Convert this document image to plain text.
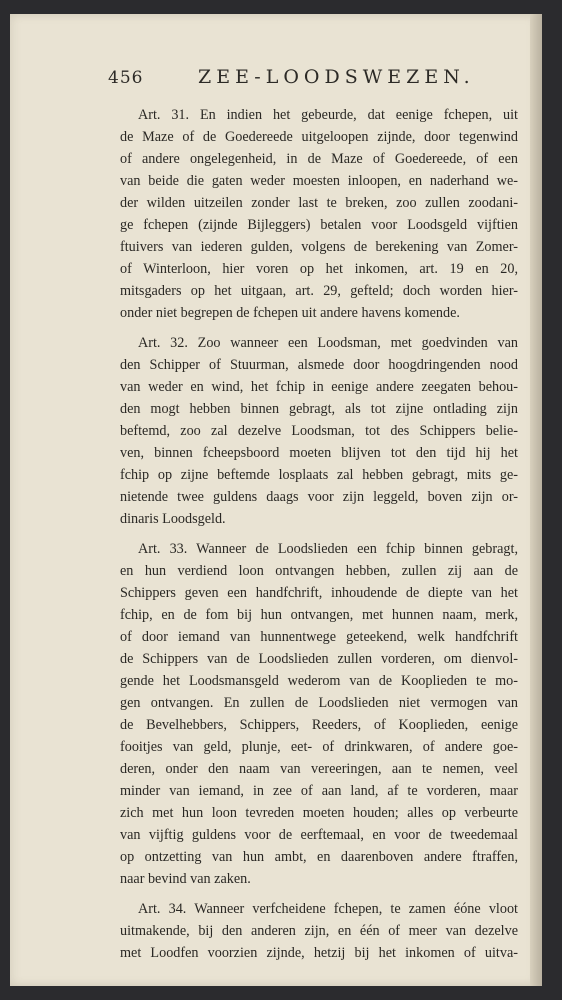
456	ZEE-LOODSWEZEN.
Art. 31. En indien het gebeurde, dat eenige fchepen, uit
de Maze of de Goedereede uitgeloopen zijnde, door tegenwind
of andere ongelegenheid, in de Maze of Goedereede, of een
van beide die gaten weder moesten inloopen, en naderhand we-
der wilden uitzeilen zonder last te breken, zoo zullen zoodani-
ge fchepen (zijnde Bijleggers) betalen voor Loodsgeld vijftien
ftuivers van iederen gulden, volgens de berekening van Zomer-
of Winterloon, hier voren op het inkomen, art. 19 en 20,
mitsgaders op het uitgaan, art. 29, gefteld; doch worden hier-
onder niet begrepen de fchepen uit andere havens komende.
Art. 32. Zoo wanneer een Loodsman, met goedvinden van
den Schipper of Stuurman, alsmede door hoogdringenden nood
van weder en wind, het fchip in eenige andere zeegaten behou-
den mogt hebben binnen gebragt, als tot zijne ontlading zijn
beftemd, zoo zal dezelve Loodsman, tot des Schippers belie-
ven, binnen fcheepsboord moeten blijven tot den tijd hij het
fchip op zijne beftemde losplaats zal hebben gebragt, mits ge-
nietende twee guldens daags voor zijn leggeld, boven zijn or-
dinaris Loodsgeld.
Art. 33. Wanneer de Loodslieden een fchip binnen gebragt,
en hun verdiend loon ontvangen hebben, zullen zij aan de
Schippers geven een handfchrift, inhoudende de diepte van het
fchip, en de fom bij hun ontvangen, met hunnen naam, merk,
of door iemand van hunnentwege geteekend, welk handfchrift
de Schippers van de Loodslieden zullen vorderen, om dienvol-
gende het Loodsmansgeld wederom van de Kooplieden te mo-
gen ontvangen. En zullen de Loodslieden niet vermogen van
de Bevelhebbers, Schippers, Reeders, of Kooplieden, eenige
fooitjes van geld, plunje, eet- of drinkwaren, of andere goe-
deren, onder den naam van vereeringen, aan te nemen, veel
minder van iemand, in zee of aan land, af te vorderen, maar
zich met hun loon tevreden moeten houden; alles op verbeurte
van vijftig guldens voor de eerftemaal, en voor de tweedemaal
op ontzetting van hun ambt, en daarenboven andere ftraffen,
naar bevind van zaken.
Art. 34. Wanneer verfcheidene fchepen, te zamen éóne vloot
uitmakende, bij den anderen zijn, en één of meer van dezelve
met Loodfen voorzien zijnde, hetzij bij het inkomen of uitva-
